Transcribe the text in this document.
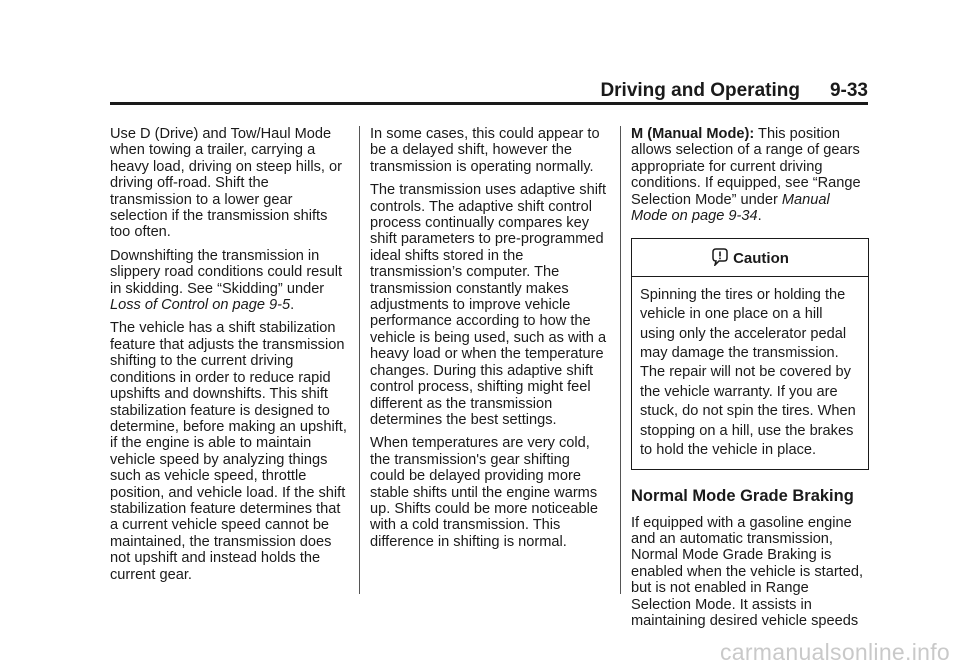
Driving and Operating 9-33

Use D (Drive) and Tow/Haul Mode when towing a trailer, carrying a heavy load, driving on steep hills, or driving off-road. Shift the transmission to a lower gear selection if the transmission shifts too often.

Downshifting the transmission in slippery road conditions could result in skidding. See “Skidding” under Loss of Control on page 9-5.

The vehicle has a shift stabilization feature that adjusts the transmission shifting to the current driving conditions in order to reduce rapid upshifts and downshifts. This shift stabilization feature is designed to determine, before making an upshift, if the engine is able to maintain vehicle speed by analyzing things such as vehicle speed, throttle position, and vehicle load. If the shift stabilization feature determines that a current vehicle speed cannot be maintained, the transmission does not upshift and instead holds the current gear.

In some cases, this could appear to be a delayed shift, however the transmission is operating normally.

The transmission uses adaptive shift controls. The adaptive shift control process continually compares key shift parameters to pre-programmed ideal shifts stored in the transmission’s computer. The transmission constantly makes adjustments to improve vehicle performance according to how the vehicle is being used, such as with a heavy load or when the temperature changes. During this adaptive shift control process, shifting might feel different as the transmission determines the best settings.

When temperatures are very cold, the transmission's gear shifting could be delayed providing more stable shifts until the engine warms up. Shifts could be more noticeable with a cold transmission. This difference in shifting is normal.

M (Manual Mode): This position allows selection of a range of gears appropriate for current driving conditions. If equipped, see “Range Selection Mode” under Manual Mode on page 9-34.

Caution
Spinning the tires or holding the vehicle in one place on a hill using only the accelerator pedal may damage the transmission. The repair will not be covered by the vehicle warranty. If you are stuck, do not spin the tires. When stopping on a hill, use the brakes to hold the vehicle in place.
Normal Mode Grade Braking

If equipped with a gasoline engine and an automatic transmission, Normal Mode Grade Braking is enabled when the vehicle is started, but is not enabled in Range Selection Mode. It assists in maintaining desired vehicle speeds

carmanualsonline.info
